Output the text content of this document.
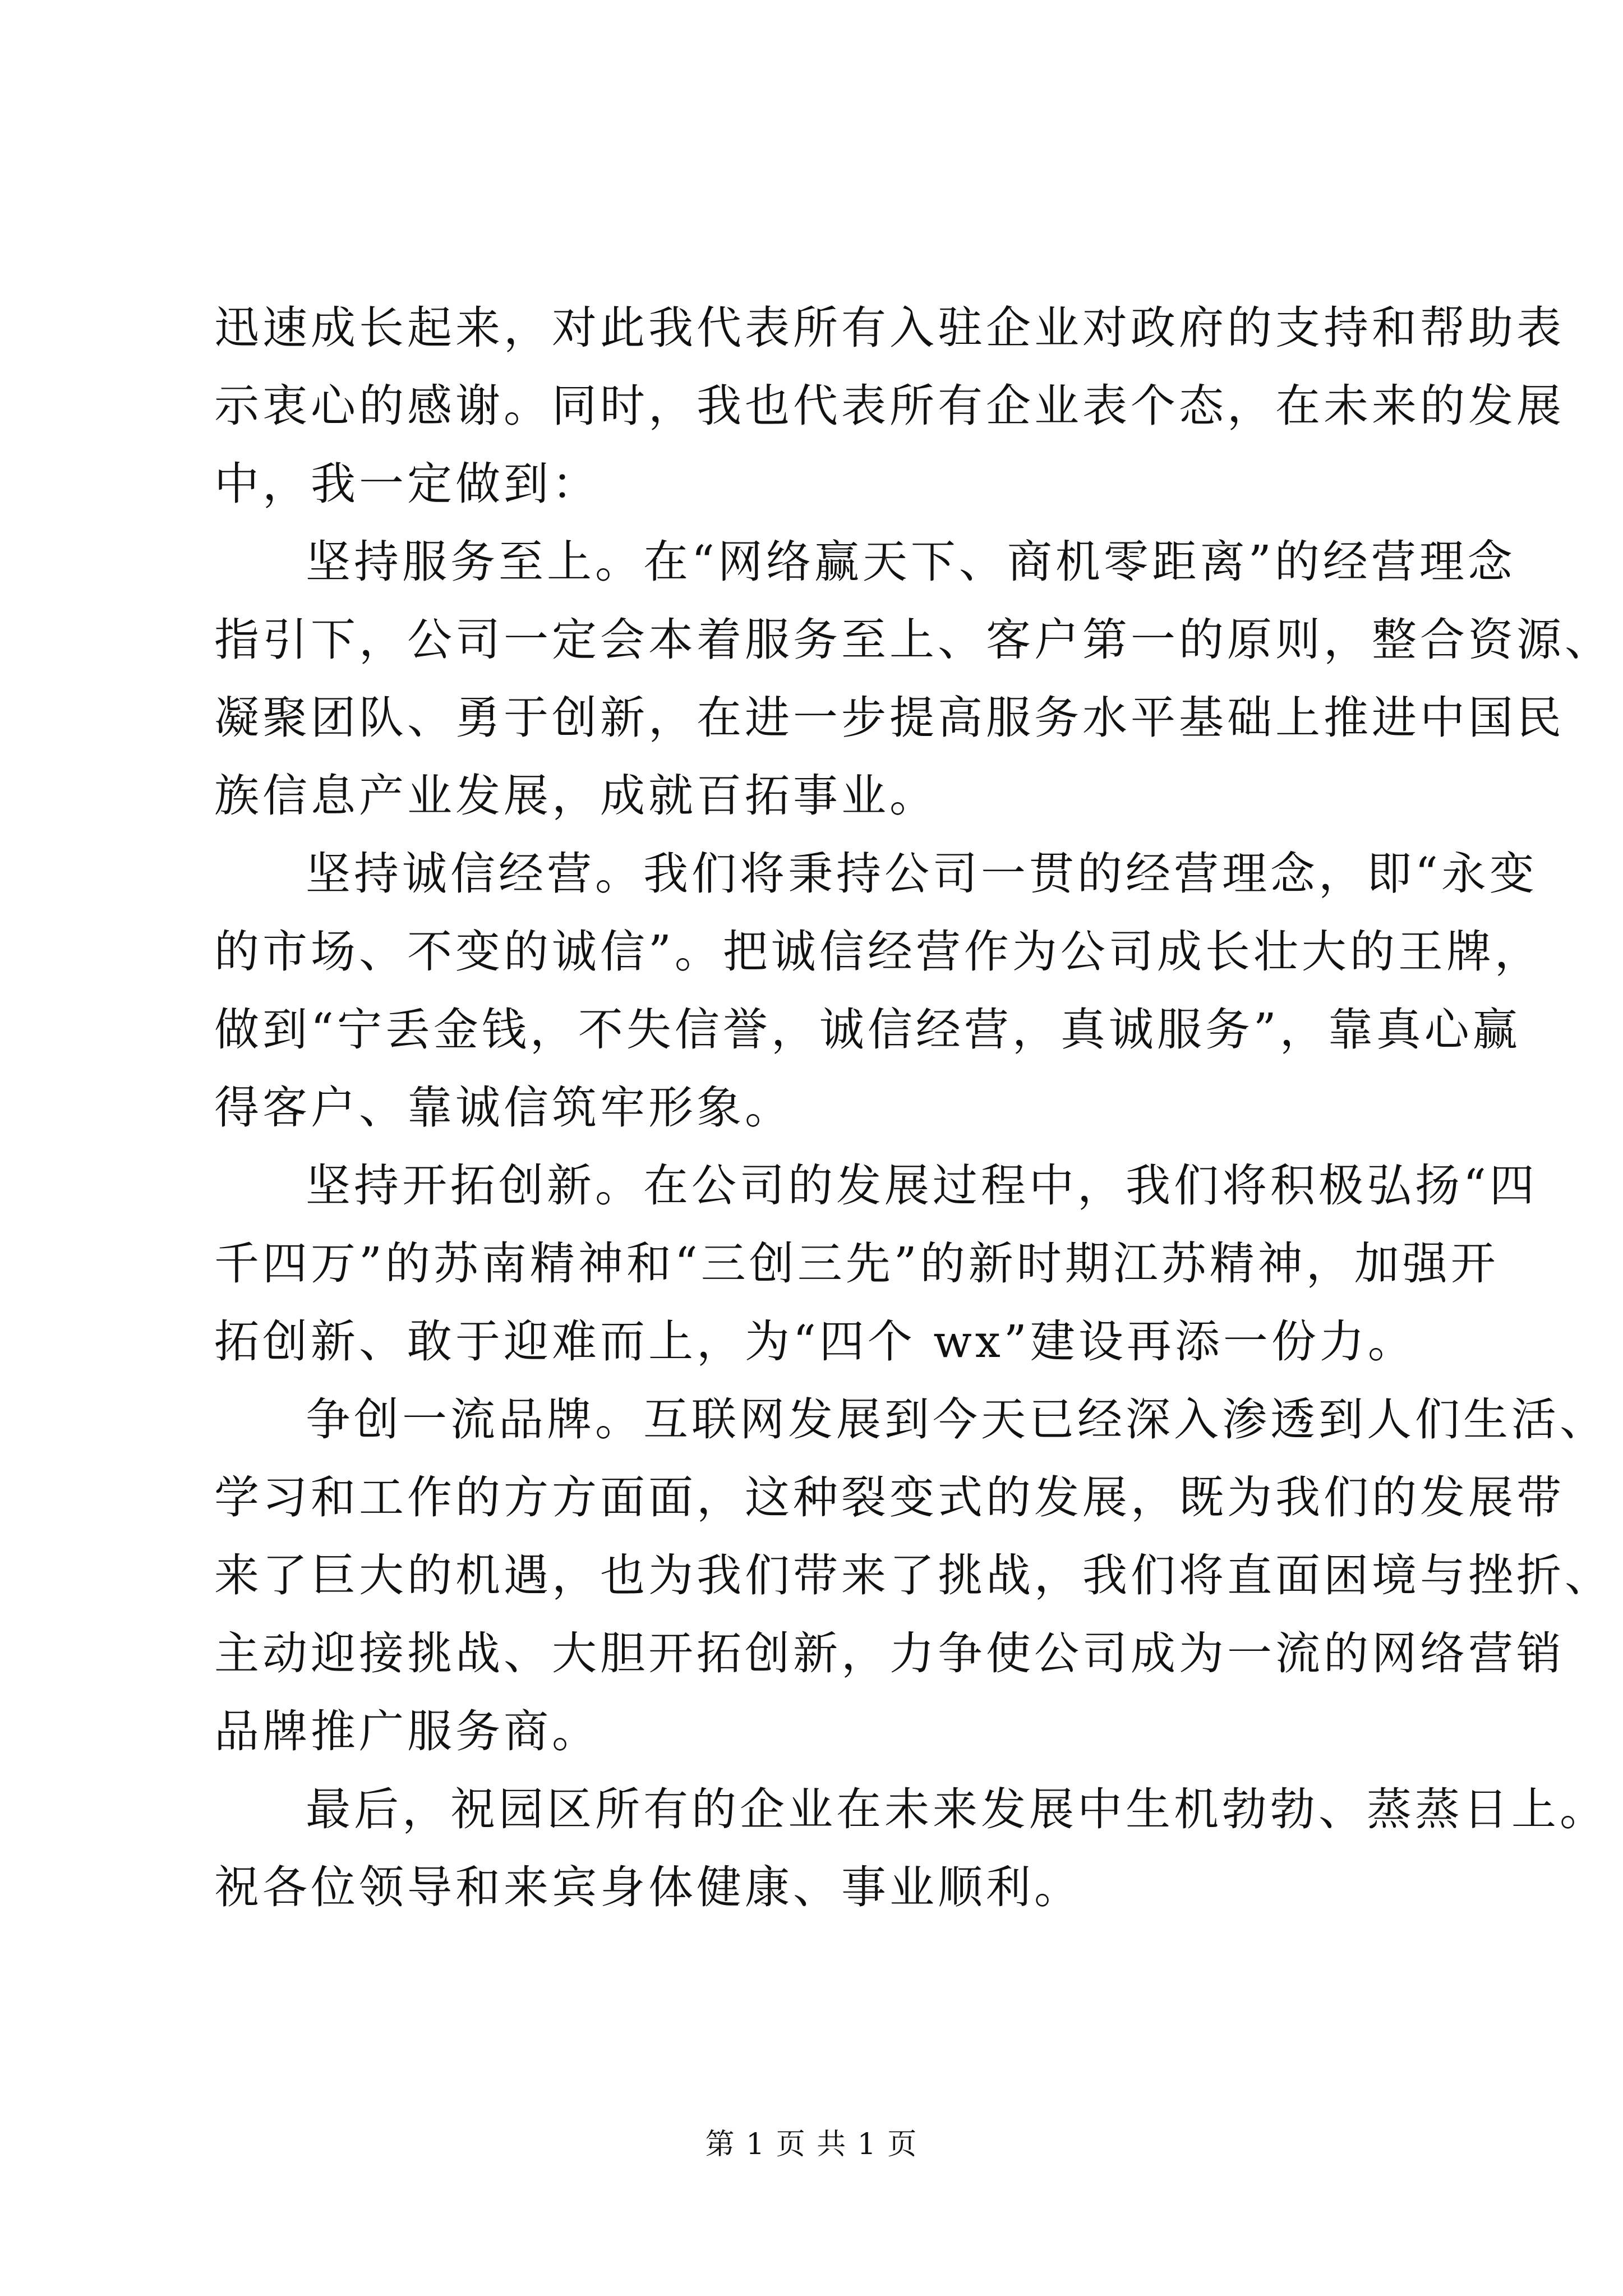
迅速成长起来，对此我代表所有入驻企业对政府的支持和帮助表
示衷心的感谢。同时，我也代表所有企业表个态，在未来的发展
中，我一定做到：
坚持服务至上。在“网络赢天下、商机零距离”的经营理念
指引下，公司一定会本着服务至上、客户第一的原则，整合资源、
凝聚团队、勇于创新，在进一步提高服务水平基础上推进中国民
族信息产业发展，成就百拓事业。
坚持诚信经营。我们将秉持公司一贯的经营理念，即“永变
的市场、不变的诚信”。把诚信经营作为公司成长壮大的王牌，
做到“宁丢金钱，不失信誉，诚信经营，真诚服务”，靠真心赢
得客户、靠诚信筑牢形象。
坚持开拓创新。在公司的发展过程中，我们将积极弘扬“四
千四万”的苏南精神和“三创三先”的新时期江苏精神，加强开
拓创新、敢于迎难而上，为“四个 wx”建设再添一份力。
争创一流品牌。互联网发展到今天已经深入渗透到人们生活、
学习和工作的方方面面，这种裂变式的发展，既为我们的发展带
来了巨大的机遇，也为我们带来了挑战，我们将直面困境与挫折、
主动迎接挑战、大胆开拓创新，力争使公司成为一流的网络营销
品牌推广服务商。
最后，祝园区所有的企业在未来发展中生机勃勃、蒸蒸日上。
祝各位领导和来宾身体健康、事业顺利。
第 1 页 共 1 页
